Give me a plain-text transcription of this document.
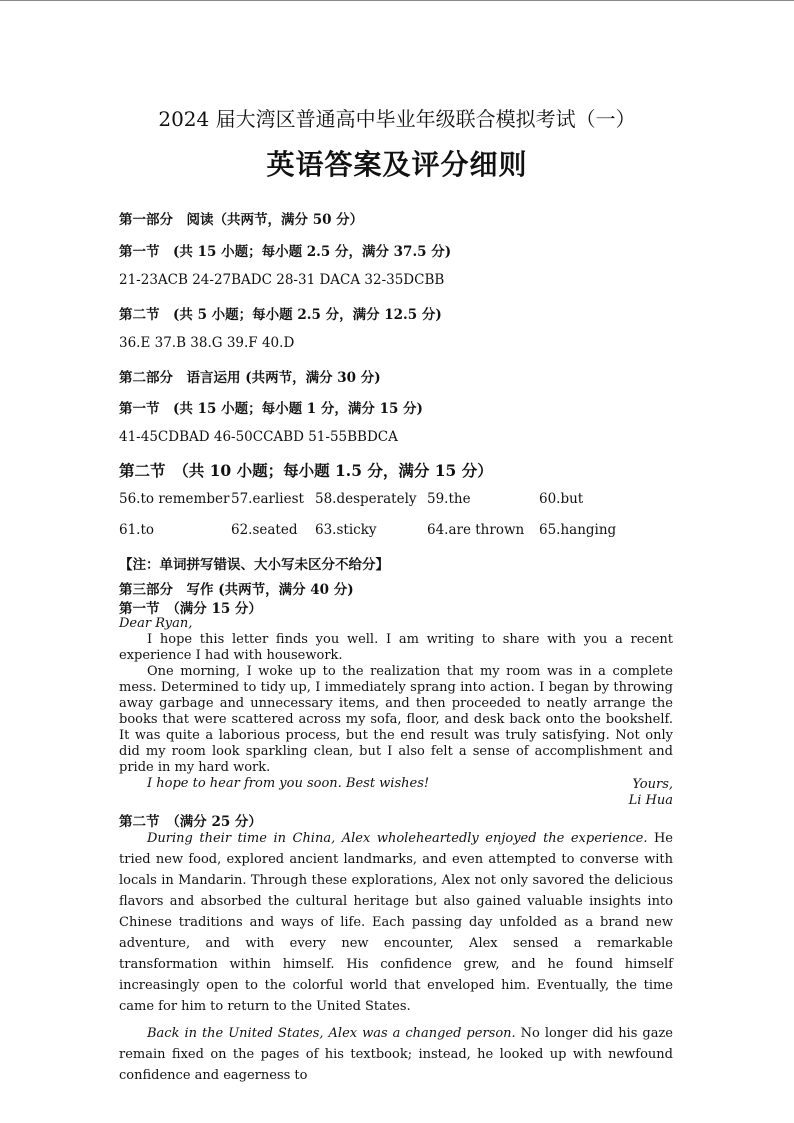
2024 届大湾区普通高中毕业年级联合模拟考试（一）
英语答案及评分细则
第一部分　阅读（共两节，满分 50 分）
第一节　(共 15 小题；每小题 2.5 分，满分 37.5 分)
21-23ACB 24-27BADC 28-31 DACA 32-35DCBB
第二节　(共 5 小题；每小题 2.5 分，满分 12.5 分)
36.E 37.B 38.G 39.F 40.D
第二部分　语言运用 (共两节，满分 30 分)
第一节　(共 15 小题；每小题 1 分，满分 15 分)
41-45CDBAD 46-50CCABD 51-55BBDCA
第二节　（共 10 小题；每小题 1.5 分，满分 15 分）
56.to remember 57.earliest 58.desperately 59.the	60.but
61.to	62.seated 63.sticky	64.are thrown 65.hanging
【注：单词拼写错误、大小写未区分不给分】
第三部分　写作 (共两节，满分 40 分)
第一节　（满分 15 分）

Dear Ryan,

I hope this letter finds you well. I am writing to share with you a recent experience I had with housework.

One morning, I woke up to the realization that my room was in a complete mess. Determined to tidy up, I immediately sprang into action. I began by throwing away garbage and unnecessary items, and then proceeded to neatly arrange the books that were scattered across my sofa, floor, and desk back onto the bookshelf. It was quite a laborious process, but the end result was truly satisfying. Not only did my room look sparkling clean, but I also felt a sense of accomplishment and pride in my hard work.

I hope to hear from you soon. Best wishes!	Yours,
Li Hua
第二节　（满分 25 分）

During their time in China, Alex wholeheartedly enjoyed the experience. He tried new food, explored ancient landmarks, and even attempted to converse with locals in Mandarin. Through these explorations, Alex not only savored the delicious flavors and absorbed the cultural heritage but also gained valuable insights into Chinese traditions and ways of life. Each passing day unfolded as a brand new adventure, and with every new encounter, Alex sensed a remarkable transformation within himself. His confidence grew, and he found himself increasingly open to the colorful world that enveloped him. Eventually, the time came for him to return to the United States.

Back in the United States, Alex was a changed person. No longer did his gaze remain fixed on the pages of his textbook; instead, he looked up with newfound confidence and eagerness to
